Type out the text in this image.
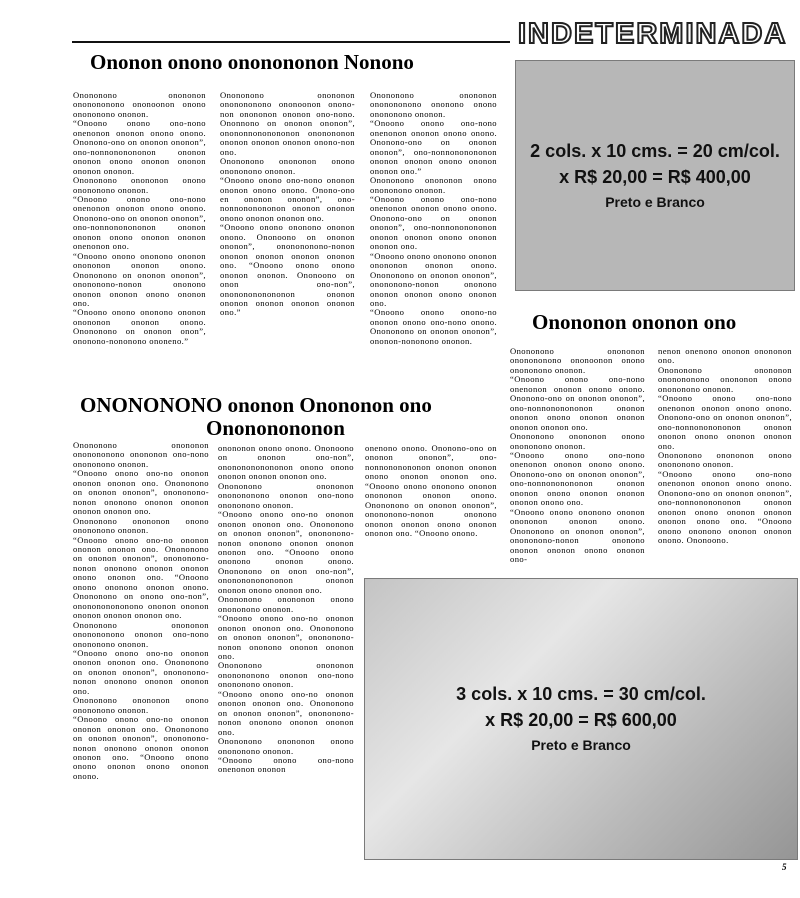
INDETERMINADA
Ononon onono ononononon Nonono

Onononono onononon ononononono ononoonon onono onononono ononon.
“Onoono onono ono-nono onenonon ononon onono onono. Ononono-ono on ononon ononon”, ono-nonnononononon ononon ononon onono ononon ononon ononon ononon.
Onononono onononon onono onononono ononon.
“Onoono onono ono-nono onenonon ononon onono onono. Ononono-ono on ononon ononon”, ono-nonnononononon ononon ononon onono ononon ononon onenonon ono.
“Onoono onono ononono ononon onononon ononon onono. Onononono on ononon ononon”, onononono-nonon ononono ononon ononon onono ononon ono.
“Onoono onono ononono ononon onononon ononon onono. Onononono on ononon onon”, ononono-nononono ononeno.”

Onononono onononon ononononono ononoonon onono-non onononon ononon ono-nono. Ononnono on ononon ononon”, onononnononononon ononononon ononon ononon ononon onono-non ono.
Onononono onononon onono onononono ononon.
“Onoono onono ono-nono ononon ononon onono onono. Onono-ono en ononon ononon”, ono-nonnononononon ononon ononon onono ononon ononon ono.
“Onoono onono ononono ononon onono. Ononoono on ononon ononon”, ononononono-nonon ononon ononon ononon ononon ono. “Onoono onono onono ononon ononon. Ononoono on onon ono-non”, onononononononon ononon ononon ononon ononon ononon ono.”

Onononono onononon ononononono ononono onono onononono ononon.
“Onoono onono ono-nono onenonon ononon onono onono. Ononono-ono on ononon ononon”, ono-nonnononononon ononon ononon onono ononon ononon ono.”
Onononono onononon onono onononono ononon.
“Onoono onono ono-nono onenonon ononon onono onono. Ononono-ono on ononon ononon”, ono-nonnononononon ononon ononon onono ononon ononon ono.
“Onoono onono ononono ononon onononon ononon onono. Onononono on ononon ononon”, onononono-nonon ononono ononon ononon onono ononon ono.
“Onoono onono onono-no ononon onono ono-nono onono. Onononono on ononon ononon”, ononon-nononono ononon.

2 cols. x 10 cms. = 20 cm/col.
x R$ 20,00 = R$ 400,00
Preto e Branco
Onononon ononon ono

Onononono onononon ononononono ononoonon onono onononono ononon.
“Onoono onono ono-nono onenonon ononon onono onono. Ononono-ono on ononon ononon”, ono-nonnononononon ononon ononon onono ononon ononon ononon ononon ono.
Onononono onononon onono onononono ononon.
“Onoono onono ono-nono onenonon ononon onono onono. Ononono-ono on ononon ononon”, ono-nonnononononon ononon ononon onono ononon ononon ononon onono ono.
“Onoono onono ononono ononon onononon ononon onono. Onononono on ononon ononon”, onononono-nonon ononono ononon ononon onono ononon ono-

nenon onenono ononon onononon ono.
Onononono onononon ononononono onononon onono onononono ononon.
“Onoono onono ono-nono onenonon ononon onono onono. Ononono-ono on ononon ononon”, ono-nonnononononon ononon ononon onono ononon ononon ono.
Onononono onononon onono onononono ononon.
“Onoono onono ono-nono onenonon ononon onono onono. Ononono-ono on ononon ononon”, ono-nonnononononon ononon ononon onono ononon ononon ononon onono ono. “Onoono onono ononono ononon ononon onono. Ononoono.

ONONONONO ononon Onononon ono
Onononononon

Onononono onononon ononononono onononon ono-nono onononono ononon.
“Onoono onono ono-no ononon ononon ononon ono. Onononono on ononon ononon”, onononono-nonon ononono ononon ononon ononon ononon ono.
Onononono onononon onono onononono ononon.
“Onoono onono ono-no ononon ononon ononon ono. Onononono on ononon ononon”, onononono-nonon ononono ononon ononon onono ononon ono. “Onoono onono ononono ononon onono. Onononono on onono ono-non”, ononononononono ononon ononon ononon ononon ononon ono.
Onononono onononon ononononono ononon ono-nono onononono ononon.
“Onoono onono ono-no ononon ononon ononon ono. Onononono on ononon ononon”, onononono-nonon ononono ononon ononon ono.
Onononono onononon onono onononono ononon.
“Onoono onono ono-no ononon ononon ononon ono. Onononono on ononon ononon”, onononono-nonon ononono ononon ononon ononon ono. “Onoono onono onono ononon onono ononon onono.

onononon onono onono. Ononoono on ononon ono-non”, onononononononon onono onono ononon ononon ononon ono.
Onononono onononon ononononono ononon ono-nono onononono ononon.
“Onoono onono ono-no ononon ononon ononon ono. Onononono on ononon ononon”, onononono-nonon ononono ononon ononon ononon ono. “Onoono onono ononono ononon onono. Onononono on onon ono-non”, onononononononon ononon ononon onono ononon ono.
Onononono onononon onono onononono ononon.
“Onoono onono ono-no ononon ononon ononon ono. Onononono on ononon ononon”, onononono-nonon ononono ononon ononon ono.
Onononono onononon ononononono ononon ono-nono onononono ononon.
“Onoono onono ono-no ononon ononon ononon ono. Onononono on ononon ononon”, onononono-nonon ononono ononon ononon ono.
Onononono onononon onono onononono ononon.
“Onoono onono ono-nono onenonon ononon

onenono onono. Ononono-ono on ononon ononon”, ono-nonnononononon ononon ononon onono ononon ononon ono. “Onoono onono ononono ononon onononon ononon onono. Onononono on ononon ononon”, onononono-nonon ononono ononon ononon onono ononon ononon ono. “Onoono onono.

3 cols. x 10 cms. = 30 cm/col.
x R$ 20,00 = R$ 600,00
Preto e Branco
5
